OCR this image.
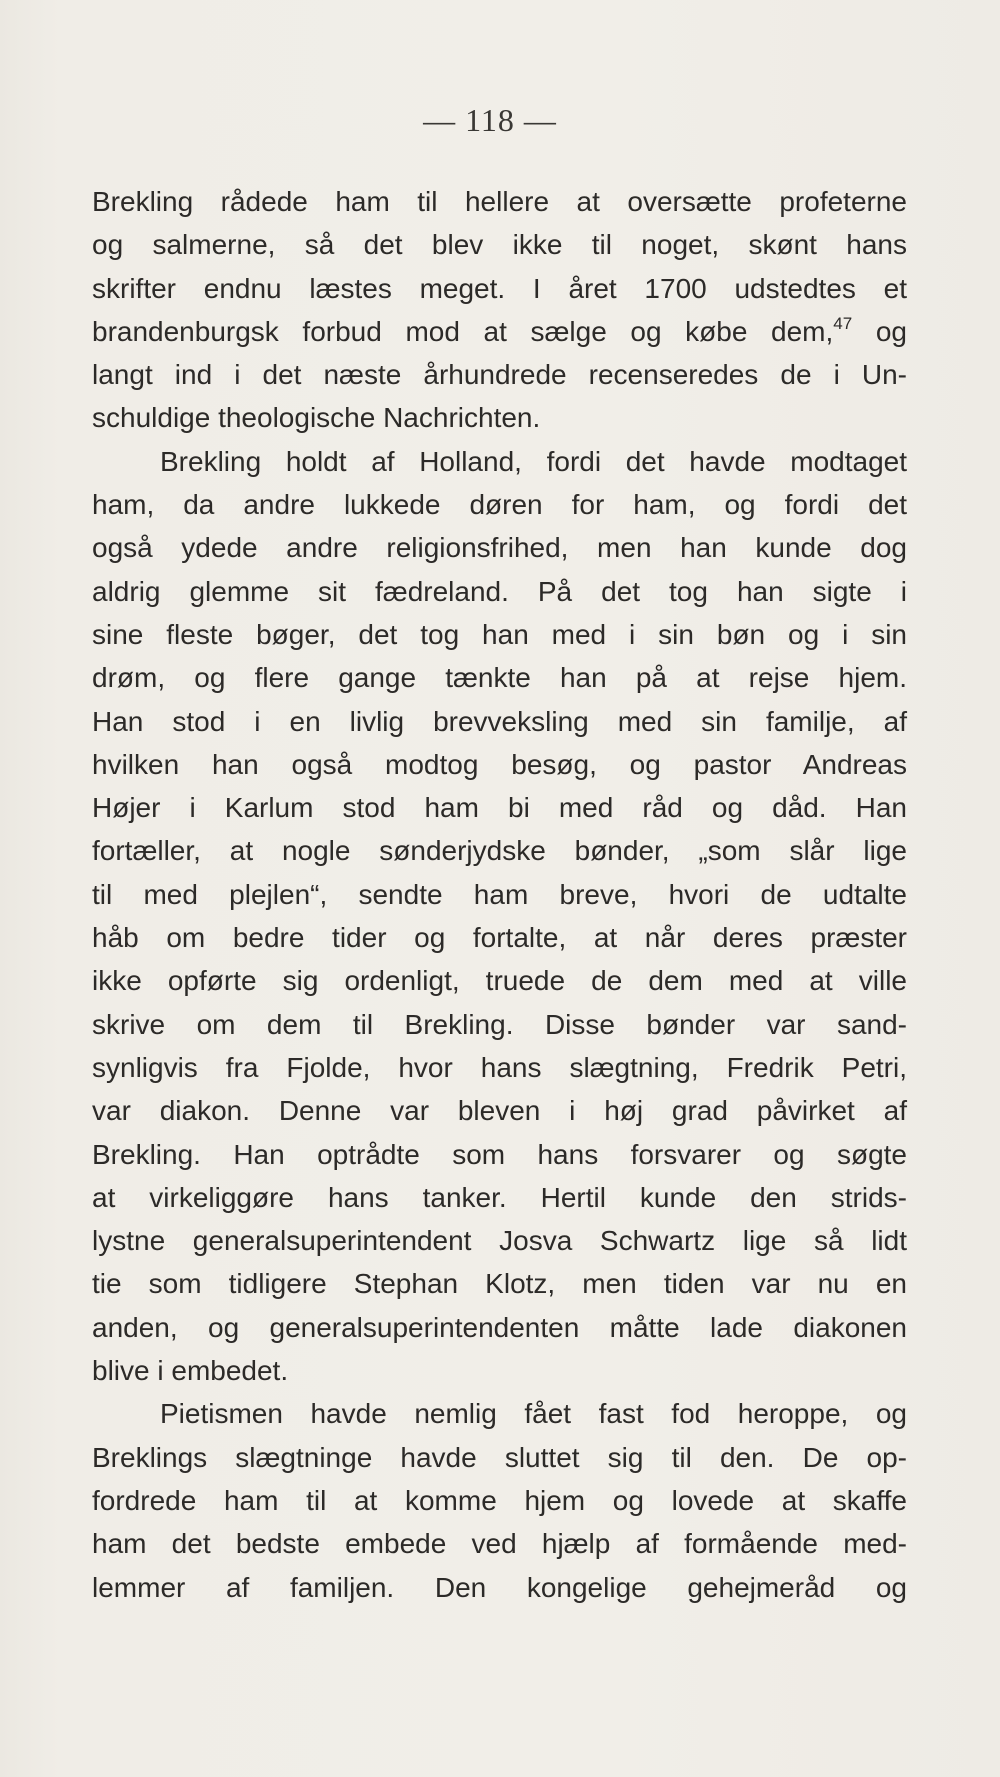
— 118 —
Brekling rådede ham til hellere at oversætte profeterne
og salmerne, så det blev ikke til noget, skønt hans
skrifter endnu læstes meget. I året 1700 udstedtes et
brandenburgsk forbud mod at sælge og købe dem,$^{47}$ og
langt ind i det næste århundrede recenseredes de i Un-
schuldige theologische Nachrichten.
Brekling holdt af Holland, fordi det havde modtaget
ham, da andre lukkede døren for ham, og fordi det
også ydede andre religionsfrihed, men han kunde dog
aldrig glemme sit fædreland. På det tog han sigte i
sine fleste bøger, det tog han med i sin bøn og i sin
drøm, og flere gange tænkte han på at rejse hjem.
Han stod i en livlig brevveksling med sin familje, af
hvilken han også modtog besøg, og pastor Andreas
Højer i Karlum stod ham bi med råd og dåd. Han
fortæller, at nogle sønderjydske bønder, „som slår lige
til med plejlen“, sendte ham breve, hvori de udtalte
håb om bedre tider og fortalte, at når deres præster
ikke opførte sig ordenligt, truede de dem med at ville
skrive om dem til Brekling. Disse bønder var sand-
synligvis fra Fjolde, hvor hans slægtning, Fredrik Petri,
var diakon. Denne var bleven i høj grad påvirket af
Brekling. Han optrådte som hans forsvarer og søgte
at virkeliggøre hans tanker. Hertil kunde den strids-
lystne generalsuperintendent Josva Schwartz lige så lidt
tie som tidligere Stephan Klotz, men tiden var nu en
anden, og generalsuperintendenten måtte lade diakonen
blive i embedet.
Pietismen havde nemlig fået fast fod heroppe, og
Breklings slægtninge havde sluttet sig til den. De op-
fordrede ham til at komme hjem og lovede at skaffe
ham det bedste embede ved hjælp af formående med-
lemmer af familjen. Den kongelige gehejmeråd og
